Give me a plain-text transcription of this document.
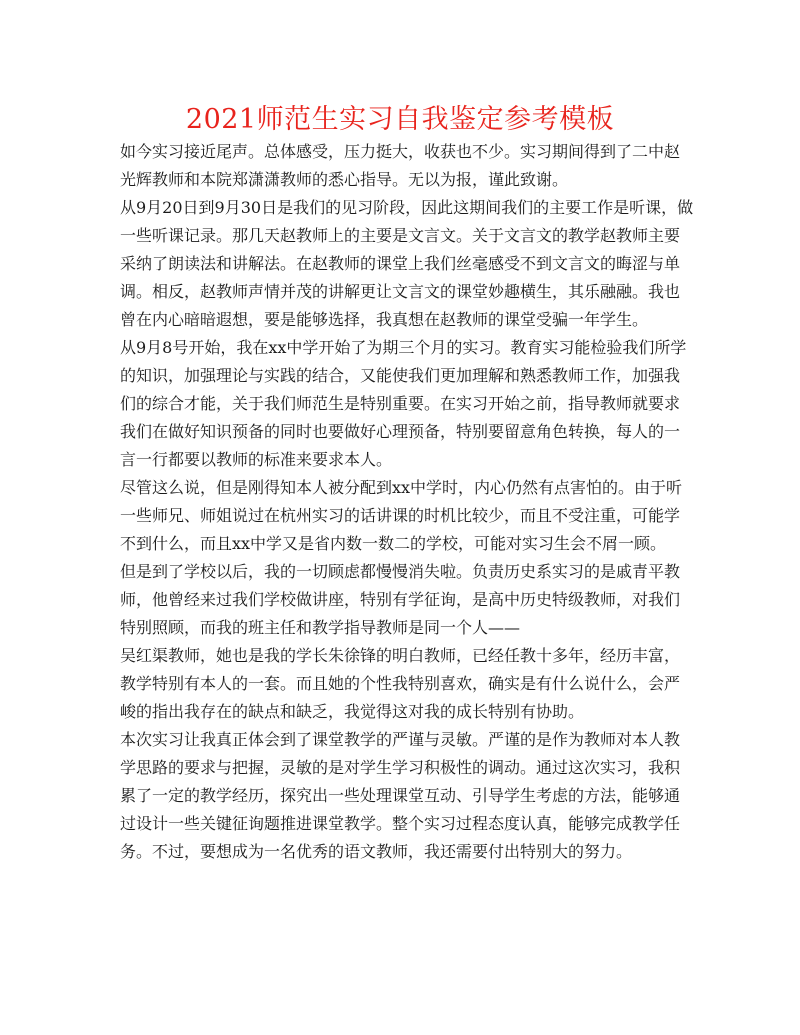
2021师范生实习自我鉴定参考模板
如今实习接近尾声。总体感受，压力挺大，收获也不少。实习期间得到了二中赵
光辉教师和本院郑潇潇教师的悉心指导。无以为报，谨此致谢。
从9月20日到9月30日是我们的见习阶段，因此这期间我们的主要工作是听课，做
一些听课记录。那几天赵教师上的主要是文言文。关于文言文的教学赵教师主要
采纳了朗读法和讲解法。在赵教师的课堂上我们丝毫感受不到文言文的晦涩与单
调。相反，赵教师声情并茂的讲解更让文言文的课堂妙趣横生，其乐融融。我也
曾在内心暗暗遐想，要是能够选择，我真想在赵教师的课堂受骗一年学生。
从9月8号开始，我在xx中学开始了为期三个月的实习。教育实习能检验我们所学
的知识，加强理论与实践的结合，又能使我们更加理解和熟悉教师工作，加强我
们的综合才能，关于我们师范生是特别重要。在实习开始之前，指导教师就要求
我们在做好知识预备的同时也要做好心理预备，特别要留意角色转换，每人的一
言一行都要以教师的标准来要求本人。
尽管这么说，但是刚得知本人被分配到xx中学时，内心仍然有点害怕的。由于听
一些师兄、师姐说过在杭州实习的话讲课的时机比较少，而且不受注重，可能学
不到什么，而且xx中学又是省内数一数二的学校，可能对实习生会不屑一顾。
但是到了学校以后，我的一切顾虑都慢慢消失啦。负责历史系实习的是戚青平教
师，他曾经来过我们学校做讲座，特别有学征询，是高中历史特级教师，对我们
特别照顾，而我的班主任和教学指导教师是同一个人——
吴红渠教师，她也是我的学长朱徐锋的明白教师，已经任教十多年，经历丰富，
教学特别有本人的一套。而且她的个性我特别喜欢，确实是有什么说什么，会严
峻的指出我存在的缺点和缺乏，我觉得这对我的成长特别有协助。
本次实习让我真正体会到了课堂教学的严谨与灵敏。严谨的是作为教师对本人教
学思路的要求与把握，灵敏的是对学生学习积极性的调动。通过这次实习，我积
累了一定的教学经历，探究出一些处理课堂互动、引导学生考虑的方法，能够通
过设计一些关键征询题推进课堂教学。整个实习过程态度认真，能够完成教学任
务。不过，要想成为一名优秀的语文教师，我还需要付出特别大的努力。
